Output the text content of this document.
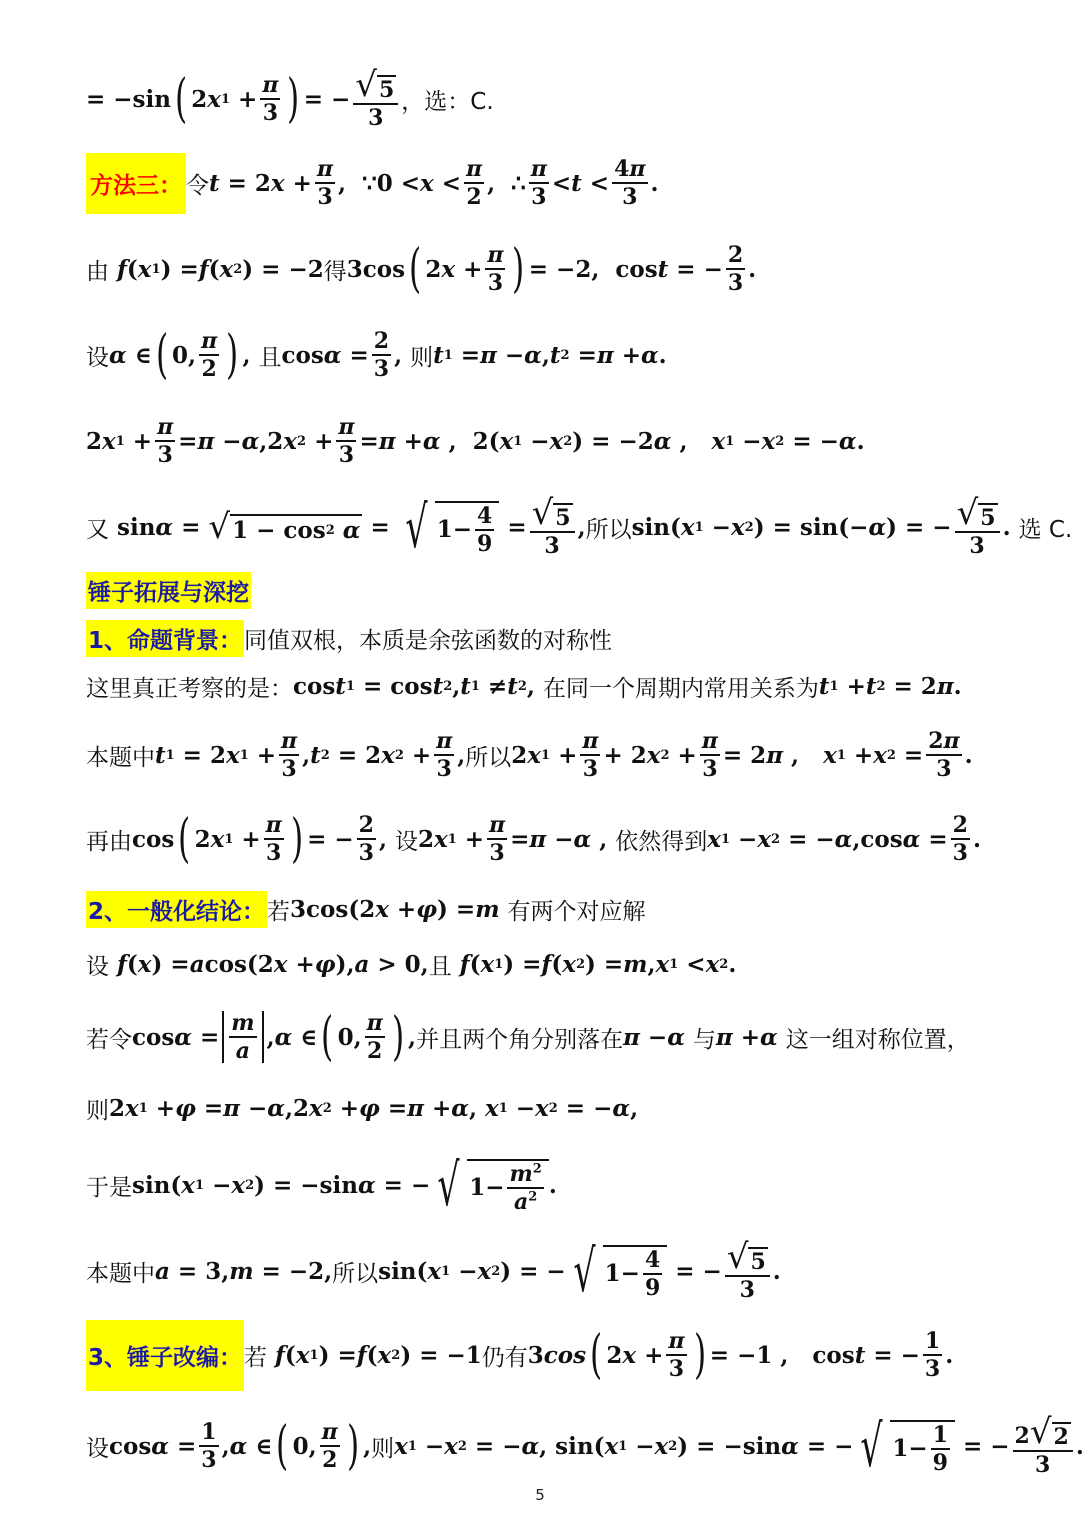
= −sin ( 2 x $1 + \frac{\pi}{3}$ ) = − $\frac{√ 5}{3}$ ，选：C.
方法三： 令 t = 2 $x + \frac{\pi}{3}$ , ∵ $0 < x < \frac{\pi}{2}$ , ∴ $\frac{\pi}{3} < t < \frac{4\pi}{3}$ .
由 f ( x 1 ) = f ( x 2 ) = −2 得 3cos ( 2 $x + \frac{\pi}{3}$ ) = −2,  cos t = − $\frac{2}{3}$ .
设 α ∈ ( 0, $\frac{\pi}{2}$ ) , 且 $\cos \alpha = \frac{2}{3}$ , 则 t 1 = π − α , t 2 = π + α .
2 x $1 + \frac{\pi}{3} = \pi - \alpha$ ,2 x $2 + \frac{\pi}{3} = \pi + \alpha$ ,  2( x 1 − x 2 ) = −2 α , x 1 − x 2 = − α .
又 sin α = √ 1 − cos 2
α = √ $1- \frac{4}{9} = \frac{√ 5}{3}$ , 所以 sin( x 1 − x 2 ) = sin(− α ) = − $\frac{√ 5}{3}$ . 选 C.
锤子拓展与深挖
1、命题背景： 同值双根，本质是余弦函数的对称性
这里真正考察的是： cos t 1 = cos t 2 , t 1 ≠ t 2 , 在同一个周期内常用关系为 t 1 + t 2 = 2 π .
本题中 t 1 = 2 x $1 + \frac{\pi}{3}$ , t 2 = 2 x $2 + \frac{\pi}{3}$ , 所以 2 x $1 + \frac{\pi}{3} + 2$ x $2 + \frac{\pi}{3} = 2$ π , x 1 + x $2 = \frac{2\pi}{3}$ .
再由 cos ( 2 x $1 + \frac{\pi}{3}$ ) = − $\frac{2}{3}$ , 设 2 x $1 + \frac{\pi}{3} = \pi - \alpha$ , 依然得到 x 1 − x 2 = − α ,cos $\alpha = \frac{2}{3}$ .
2、一般化结论： 若 3cos(2 x + φ ) = m
有两个对应解
设 f ( x ) = a cos(2 x + φ ), a > 0, 且 f ( x 1 ) = f ( x 2 ) = m , x 1 < x 2 .
若令 $\cos \alpha = \frac{m}{a}$ , α ∈ ( 0, $\frac{\pi}{2}$ ) , 并且两个角分别落在 π − α
与 π + α
这一组对称位置，
则 2 x 1 + φ = π − α ,2 x 2 + φ = π + α , x 1 − x 2 = − α ,
于是 sin( x 1 − x 2 ) = −sin α = − √ $1- \frac{m^2}{a^2}$ .
本题中 a = 3, m = −2, 所以 sin( x 1 − x 2 ) = − √ $1- \frac{4}{9}$ = − $\frac{√ 5}{3}$ .
3、锤子改编： 若 f ( x 1 ) = f ( x 2 ) = −1 仍有 3 cos ( 2 $x + \frac{\pi}{3}$ ) = −1 ,   cos t = − $\frac{1}{3}$ .
设 $\cos \alpha = \frac{1}{3}$ , α ∈ ( 0, $\frac{\pi}{2}$ ) , 则 x 1 − x 2 = − α , sin( x 1 − x 2 ) = −sin α = − √ $1- \frac{1}{9}$ = − $\frac{2 √ 2}{3}$ .
5
